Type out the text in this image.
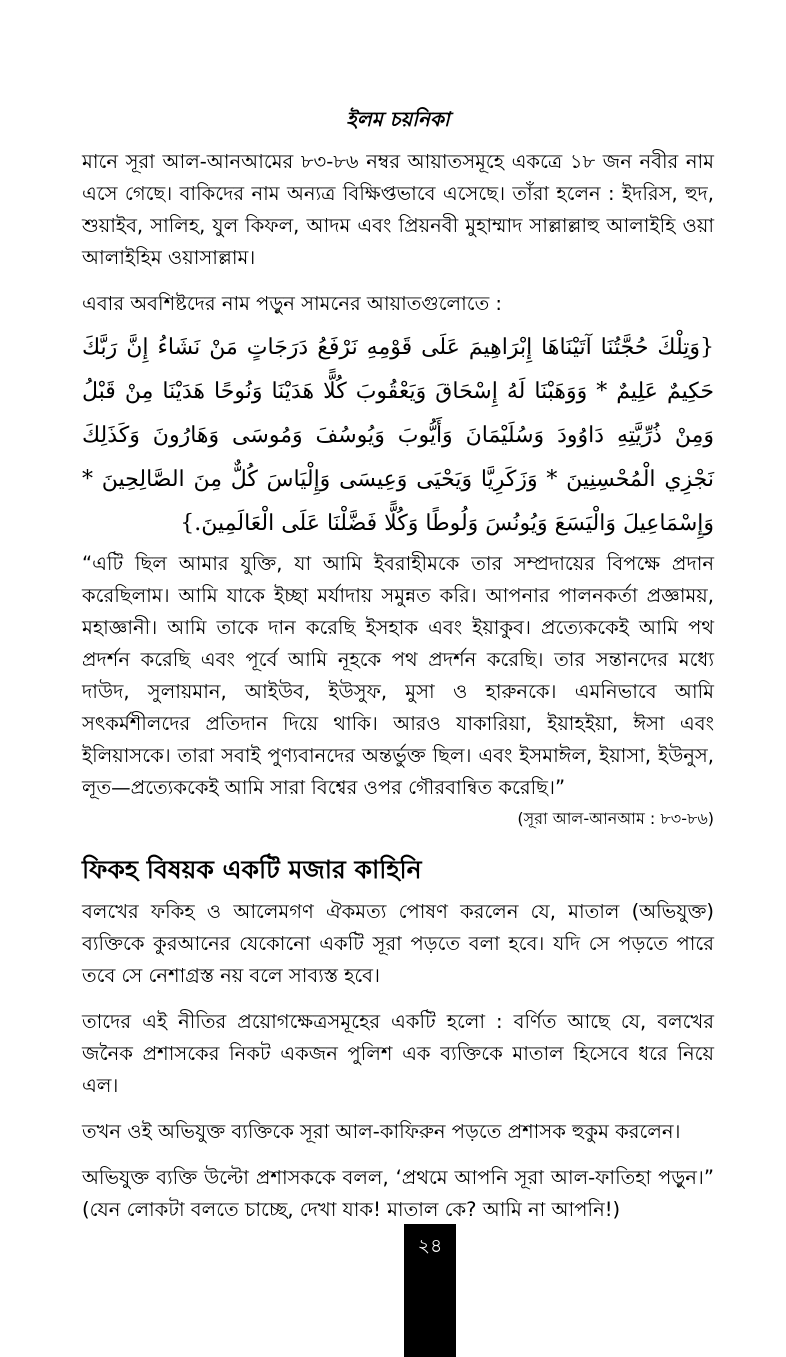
ইলম চয়নিকা

মানে সূরা আল-আনআমের ৮৩-৮৬ নম্বর আয়াতসমূহে একত্রে ১৮ জন নবীর নাম এসে গেছে। বাকিদের নাম অন্যত্র বিক্ষিপ্তভাবে এসেছে। তাঁরা হলেন : ইদরিস, হুদ, শুয়াইব, সালিহ, যুল কিফল, আদম এবং প্রিয়নবী মুহাম্মাদ সাল্লাল্লাহু আলাইহি ওয়া আলাইহিম ওয়াসাল্লাম।

এবার অবশিষ্টদের নাম পড়ুন সামনের আয়াতগুলোতে :

{وَتِلْكَ حُجَّتُنَا آتَيْنَاهَا إِبْرَاهِيمَ عَلَى قَوْمِهِ نَرْفَعُ دَرَجَاتٍ مَنْ نَشَاءُ إِنَّ رَبَّكَ حَكِيمٌ عَلِيمٌ * وَوَهَبْنَا لَهُ إِسْحَاقَ وَيَعْقُوبَ كُلًّا هَدَيْنَا وَنُوحًا هَدَيْنَا مِنْ قَبْلُ وَمِنْ ذُرِّيَّتِهِ دَاوُودَ وَسُلَيْمَانَ وَأَيُّوبَ وَيُوسُفَ وَمُوسَى وَهَارُونَ وَكَذَلِكَ نَجْزِي الْمُحْسِنِينَ * وَزَكَرِيَّا وَيَحْيَى وَعِيسَى وَإِلْيَاسَ كُلٌّ مِنَ الصَّالِحِينَ * وَإِسْمَاعِيلَ وَالْيَسَعَ وَيُونُسَ وَلُوطًا وَكُلًّا فَضَّلْنَا عَلَى الْعَالَمِينَ.}

“এটি ছিল আমার যুক্তি, যা আমি ইবরাহীমকে তার সম্প্রদায়ের বিপক্ষে প্রদান করেছিলাম। আমি যাকে ইচ্ছা মর্যাদায় সমুন্নত করি। আপনার পালনকর্তা প্রজ্ঞাময়, মহাজ্ঞানী। আমি তাকে দান করেছি ইসহাক এবং ইয়াকুব। প্রত্যেককেই আমি পথ প্রদর্শন করেছি এবং পূর্বে আমি নূহকে পথ প্রদর্শন করেছি। তার সন্তানদের মধ্যে দাউদ, সুলায়মান, আইউব, ইউসুফ, মুসা ও হারুনকে। এমনিভাবে আমি সৎকর্মশীলদের প্রতিদান দিয়ে থাকি। আরও যাকারিয়া, ইয়াহইয়া, ঈসা এবং ইলিয়াসকে। তারা সবাই পুণ্যবানদের অন্তর্ভুক্ত ছিল। এবং ইসমাঈল, ইয়াসা, ইউনুস, লূত—প্রত্যেককেই আমি সারা বিশ্বের ওপর গৌরবান্বিত করেছি।”

(সূরা আল-আনআম : ৮৩-৮৬)
ফিকহ বিষয়ক একটি মজার কাহিনি

বলখের ফকিহ ও আলেমগণ ঐকমত্য পোষণ করলেন যে, মাতাল (অভিযুক্ত) ব্যক্তিকে কুরআনের যেকোনো একটি সূরা পড়তে বলা হবে। যদি সে পড়তে পারে তবে সে নেশাগ্রস্ত নয় বলে সাব্যস্ত হবে।

তাদের এই নীতির প্রয়োগক্ষেত্রসমূহের একটি হলো : বর্ণিত আছে যে, বলখের জনৈক প্রশাসকের নিকট একজন পুলিশ এক ব্যক্তিকে মাতাল হিসেবে ধরে নিয়ে এল।

তখন ওই অভিযুক্ত ব্যক্তিকে সূরা আল-কাফিরুন পড়তে প্রশাসক হুকুম করলেন।

অভিযুক্ত ব্যক্তি উল্টো প্রশাসককে বলল, ‘প্রথমে আপনি সূরা আল-ফাতিহা পড়ুন।” (যেন লোকটা বলতে চাচ্ছে, দেখা যাক! মাতাল কে? আমি না আপনি!)

২৪
